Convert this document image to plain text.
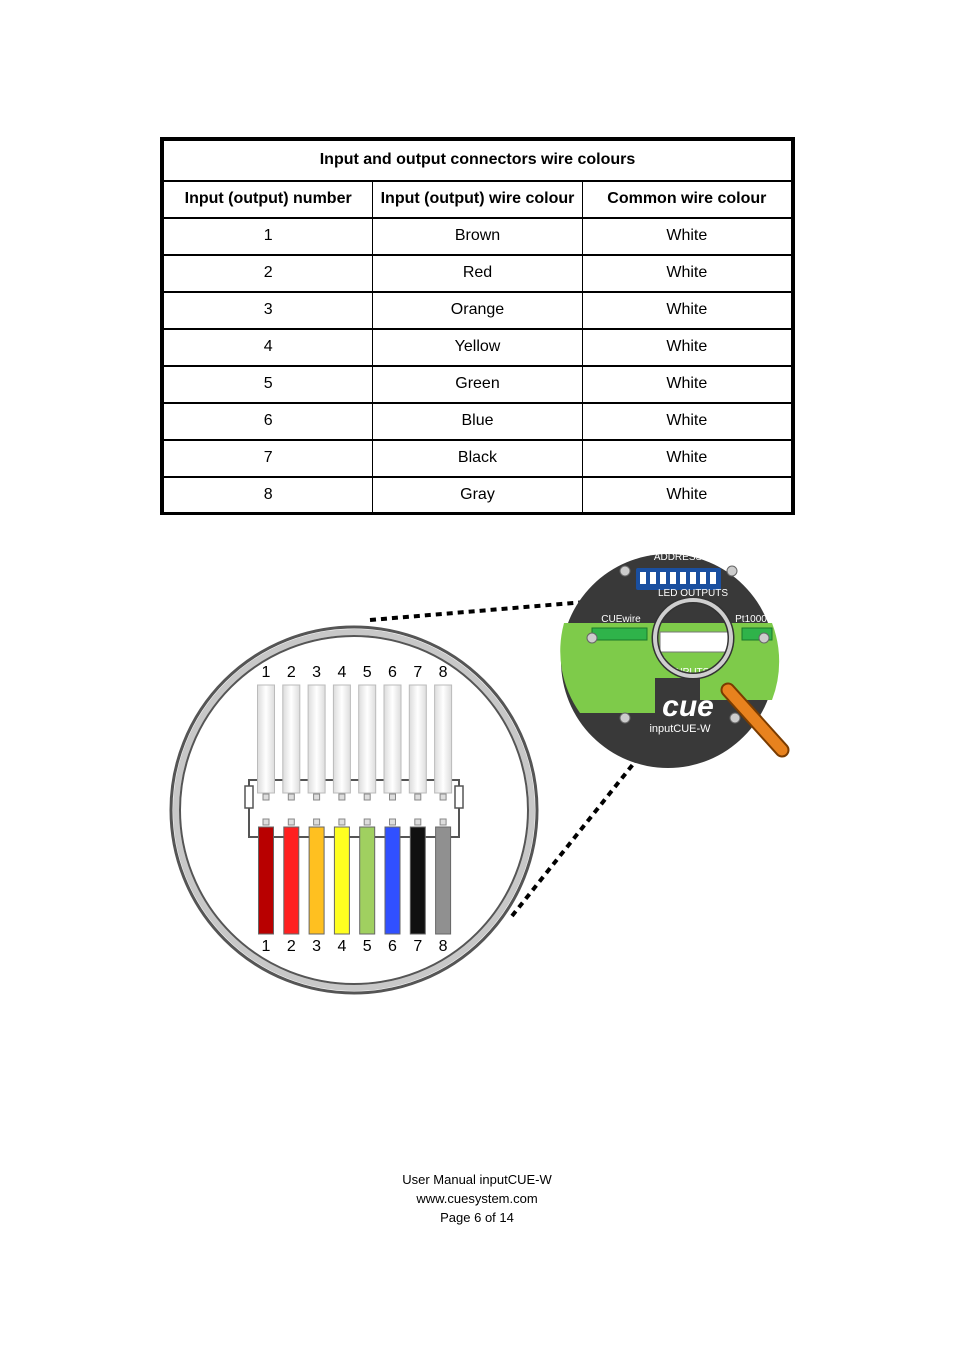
Input and output connectors wire colours		
Input (output) number	Input (output) wire colour	Common wire colour
1	Brown	White
2	Red	White
3	Orange	White
4	Yellow	White
5	Green	White
6	Blue	White
7	Black	White
8	Gray	White
1 2 3 4 5 6 7 8
1 2 3 4 5 6 7 8
ADDRESS
LED OUTPUTS
CUEwire	Pt1000
INPUTS
1	8
cue
inputCUE-W
User Manual inputCUE-W
www.cuesystem.com
Page 6 of 14
